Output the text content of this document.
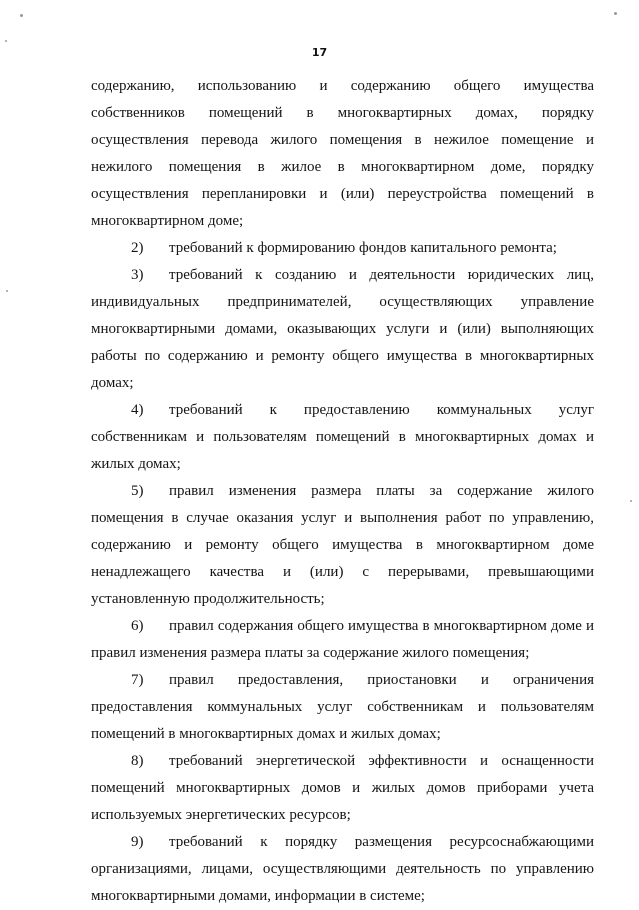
17

содержанию, использованию и содержанию общего имущества собственников помещений в многоквартирных домах, порядку осуществления перевода жилого помещения в нежилое помещение и нежилого помещения в жилое в многоквартирном доме, порядку осуществления перепланировки и (или) переустройства помещений в многоквартирном доме;

2) требований к формированию фондов капитального ремонта;

3) требований к созданию и деятельности юридических лиц, индивидуальных предпринимателей, осуществляющих управление многоквартирными домами, оказывающих услуги и (или) выполняющих работы по содержанию и ремонту общего имущества в многоквартирных домах;

4) требований к предоставлению коммунальных услуг собственникам и пользователям помещений в многоквартирных домах и жилых домах;

5) правил изменения размера платы за содержание жилого помещения в случае оказания услуг и выполнения работ по управлению, содержанию и ремонту общего имущества в многоквартирном доме ненадлежащего качества и (или) с перерывами, превышающими установленную продолжительность;

6) правил содержания общего имущества в многоквартирном доме и правил изменения размера платы за содержание жилого помещения;

7) правил предоставления, приостановки и ограничения предоставления коммунальных услуг собственникам и пользователям помещений в многоквартирных домах и жилых домах;

8) требований энергетической эффективности и оснащенности помещений многоквартирных домов и жилых домов приборами учета используемых энергетических ресурсов;

9) требований к порядку размещения ресурсоснабжающими организациями, лицами, осуществляющими деятельность по управлению многоквартирными домами, информации в системе;
